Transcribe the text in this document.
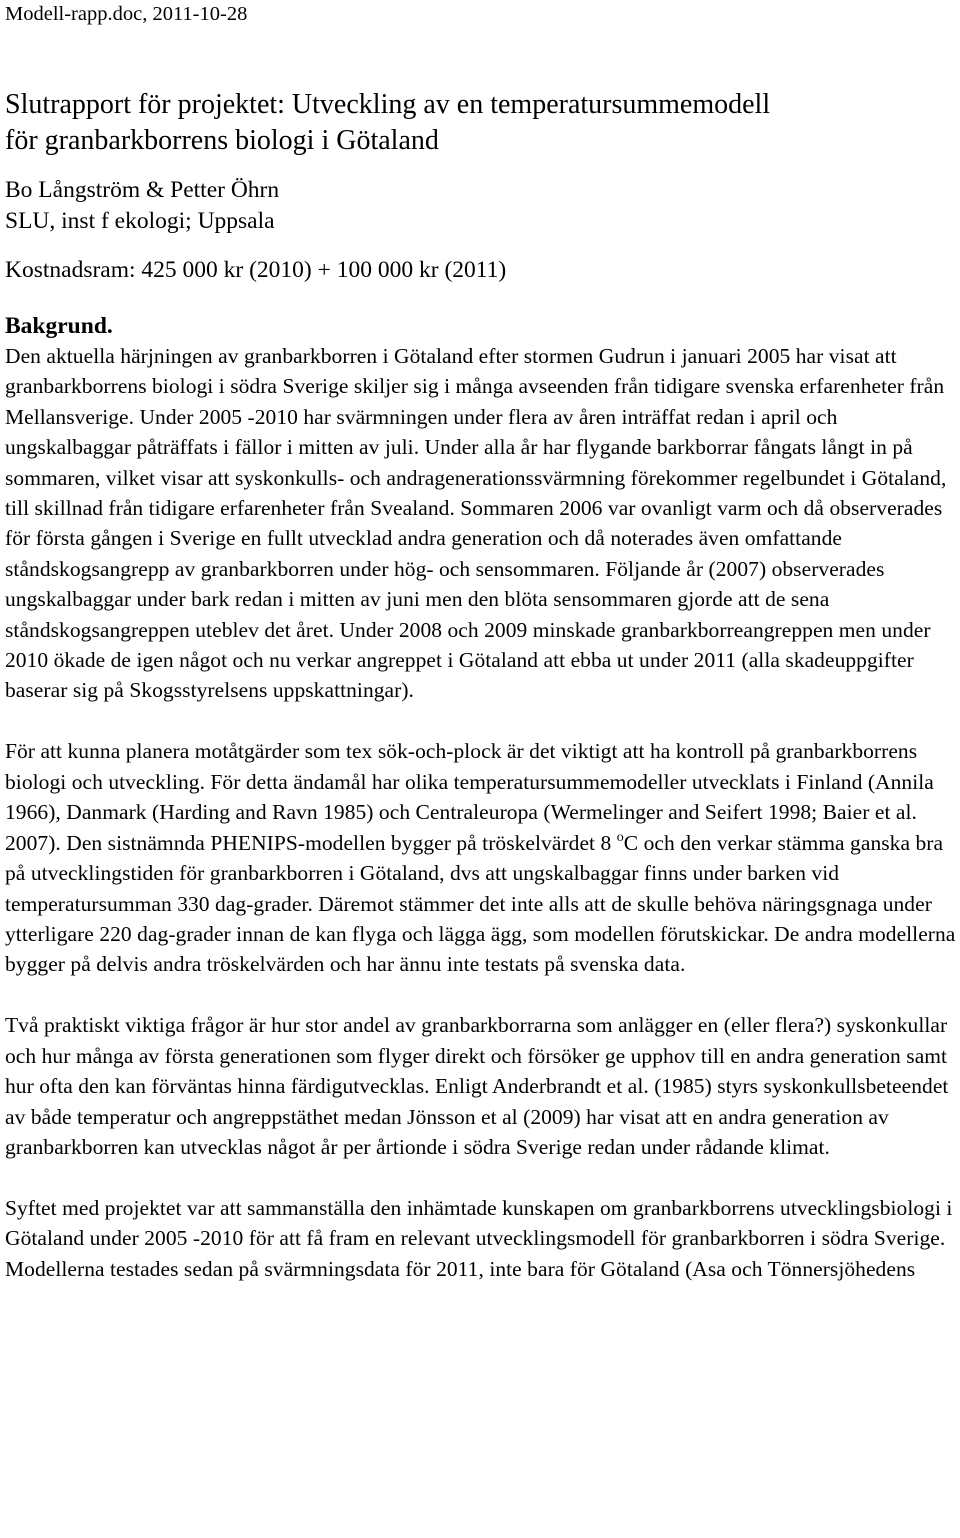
Modell-rapp.doc, 2011-10-28

Slutrapport för projektet: Utveckling av en temperatursummemodell
för granbarkborrens biologi i Götaland
Bo Långström & Petter Öhrn
SLU, inst f ekologi; Uppsala

Kostnadsram: 425 000 kr (2010) + 100 000 kr (2011)

Bakgrund.

Den aktuella härjningen av granbarkborren i Götaland efter stormen Gudrun i januari 2005 har visat att granbarkborrens biologi i södra Sverige skiljer sig i många avseenden från tidigare svenska erfarenheter från Mellansverige. Under 2005 -2010 har svärmningen under flera av åren inträffat redan i april och ungskalbaggar påträffats i fällor i mitten av juli. Under alla år har flygande barkborrar fångats långt in på sommaren, vilket visar att syskonkulls- och andragenerationssvärmning förekommer regelbundet i Götaland, till skillnad från tidigare erfarenheter från Svealand. Sommaren 2006 var ovanligt varm och då observerades för första gången i Sverige en fullt utvecklad andra generation och då noterades även omfattande ståndskogsangrepp av granbarkborren under hög- och sensommaren. Följande år (2007) observerades ungskalbaggar under bark redan i mitten av juni men den blöta sensommaren gjorde att de sena ståndskogsangreppen uteblev det året. Under 2008 och 2009 minskade granbarkborreangreppen men under 2010 ökade de igen något och nu verkar angreppet i Götaland att ebba ut under 2011 (alla skadeuppgifter baserar sig på Skogsstyrelsens uppskattningar).

För att kunna planera motåtgärder som tex sök-och-plock är det viktigt att ha kontroll på granbarkborrens biologi och utveckling. För detta ändamål har olika temperatursummemodeller utvecklats i Finland (Annila 1966), Danmark (Harding and Ravn 1985) och Centraleuropa (Wermelinger and Seifert 1998; Baier et al. 2007). Den sistnämnda PHENIPS-modellen bygger på tröskelvärdet 8 $^o$C och den verkar stämma ganska bra på utvecklingstiden för granbarkborren i Götaland, dvs att ungskalbaggar finns under barken vid temperatursumman 330 dag-grader. Däremot stämmer det inte alls att de skulle behöva näringsgnaga under ytterligare 220 dag-grader innan de kan flyga och lägga ägg, som modellen förutskickar. De andra modellerna bygger på delvis andra tröskelvärden och har ännu inte testats på svenska data.

Två praktiskt viktiga frågor är hur stor andel av granbarkborrarna som anlägger en (eller flera?) syskonkullar och hur många av första generationen som flyger direkt och försöker ge upphov till en andra generation samt hur ofta den kan förväntas hinna färdigutvecklas. Enligt Anderbrandt et al. (1985) styrs syskonkullsbeteendet av både temperatur och angreppstäthet medan Jönsson et al (2009) har visat att en andra generation av granbarkborren kan utvecklas något år per årtionde i södra Sverige redan under rådande klimat.

Syftet med projektet var att sammanställa den inhämtade kunskapen om granbarkborrens utvecklingsbiologi i Götaland under 2005 -2010 för att få fram en relevant utvecklingsmodell för granbarkborren i södra Sverige. Modellerna testades sedan på svärmningsdata för 2011, inte bara för Götaland (Asa och Tönnersjöhedens
